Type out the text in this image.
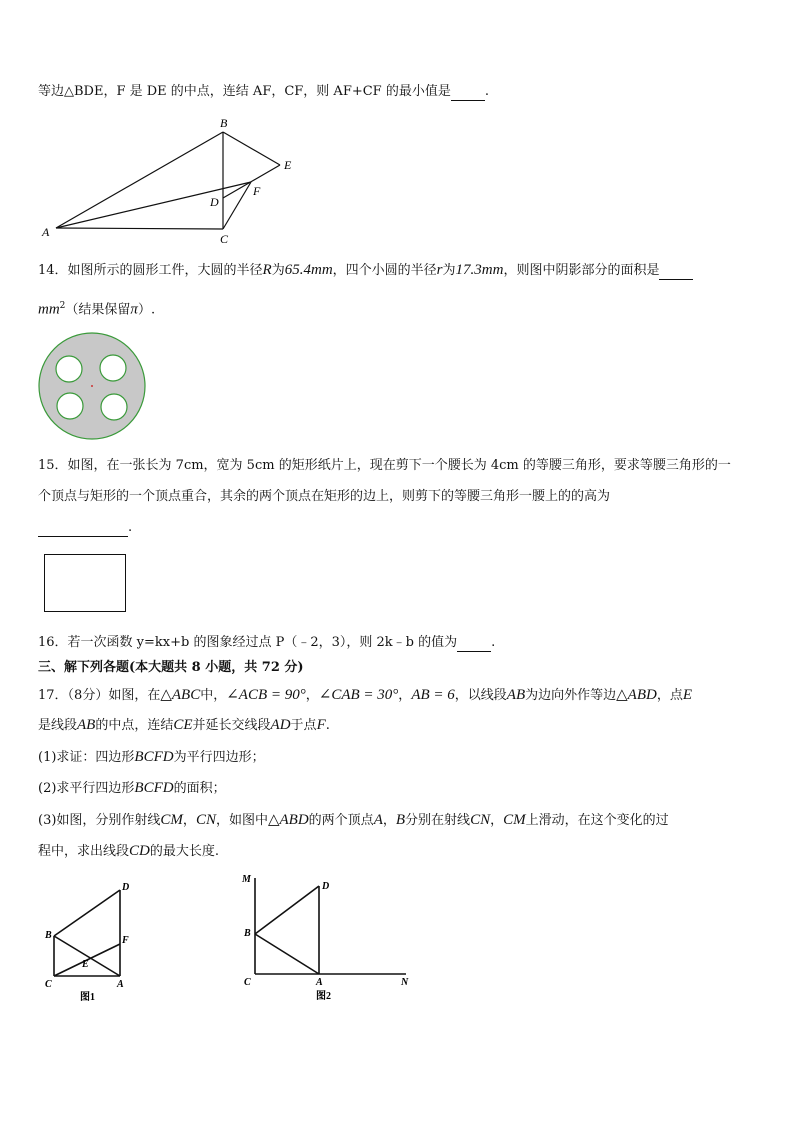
等边△BDE，F 是 DE 的中点，连结 AF，CF，则 AF+CF 的最小值是	.
A
B
C
D
E
F
14．如图所示的圆形工件，大圆的半径R为65.4mm，四个小圆的半径r为17.3mm，则图中阴影部分的面积是
$mm^2$（结果保留π）.
15．如图，在一张长为 7cm，宽为 5cm 的矩形纸片上，现在剪下一个腰长为 4cm 的等腰三角形，要求等腰三角形的一
个顶点与矩形的一个顶点重合，其余的两个顶点在矩形的边上，则剪下的等腰三角形一腰上的的高为
.
16．若一次函数 y=kx+b 的图象经过点 P（﹣2，3），则 2k﹣b 的值为	.
三、解下列各题(本大题共 8 小题，共 72 分)
17．（8分）如图，在△ABC中，∠ACB = 90°，∠CAB = 30°，AB = 6，以线段AB为边向外作等边△ABD，点E
是线段AB的中点，连结CE并延长交线段AD于点F.
(1)求证：四边形BCFD为平行四边形；
(2)求平行四边形BCFD的面积；
(3)如图，分别作射线CM，CN，如图中△ABD的两个顶点A，B分别在射线CN，CM上滑动，在这个变化的过
程中，求出线段CD的最大长度.
D
B	F
E
C	A
图1
M
D
B
C	A	N
图2
